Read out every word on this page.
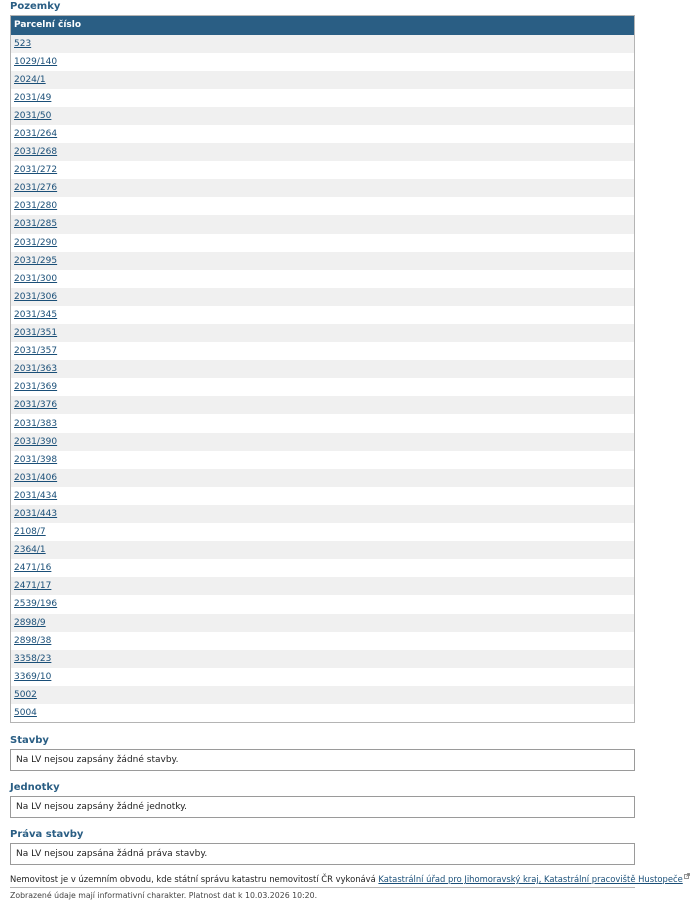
Pozemky
Parcelní číslo
523
1029/140
2024/1
2031/49
2031/50
2031/264
2031/268
2031/272
2031/276
2031/280
2031/285
2031/290
2031/295
2031/300
2031/306
2031/345
2031/351
2031/357
2031/363
2031/369
2031/376
2031/383
2031/390
2031/398
2031/406
2031/434
2031/443
2108/7
2364/1
2471/16
2471/17
2539/196
2898/9
2898/38
3358/23
3369/10
5002
5004
Stavby
Na LV nejsou zapsány žádné stavby.
Jednotky
Na LV nejsou zapsány žádné jednotky.
Práva stavby
Na LV nejsou zapsána žádná práva stavby.
Nemovitost je v územním obvodu, kde státní správu katastru nemovitostí ČR vykonává Katastrální úřad pro Jihomoravský kraj, Katastrální pracoviště Hustopeče
Zobrazené údaje mají informativní charakter. Platnost dat k 10.03.2026 10:20.
